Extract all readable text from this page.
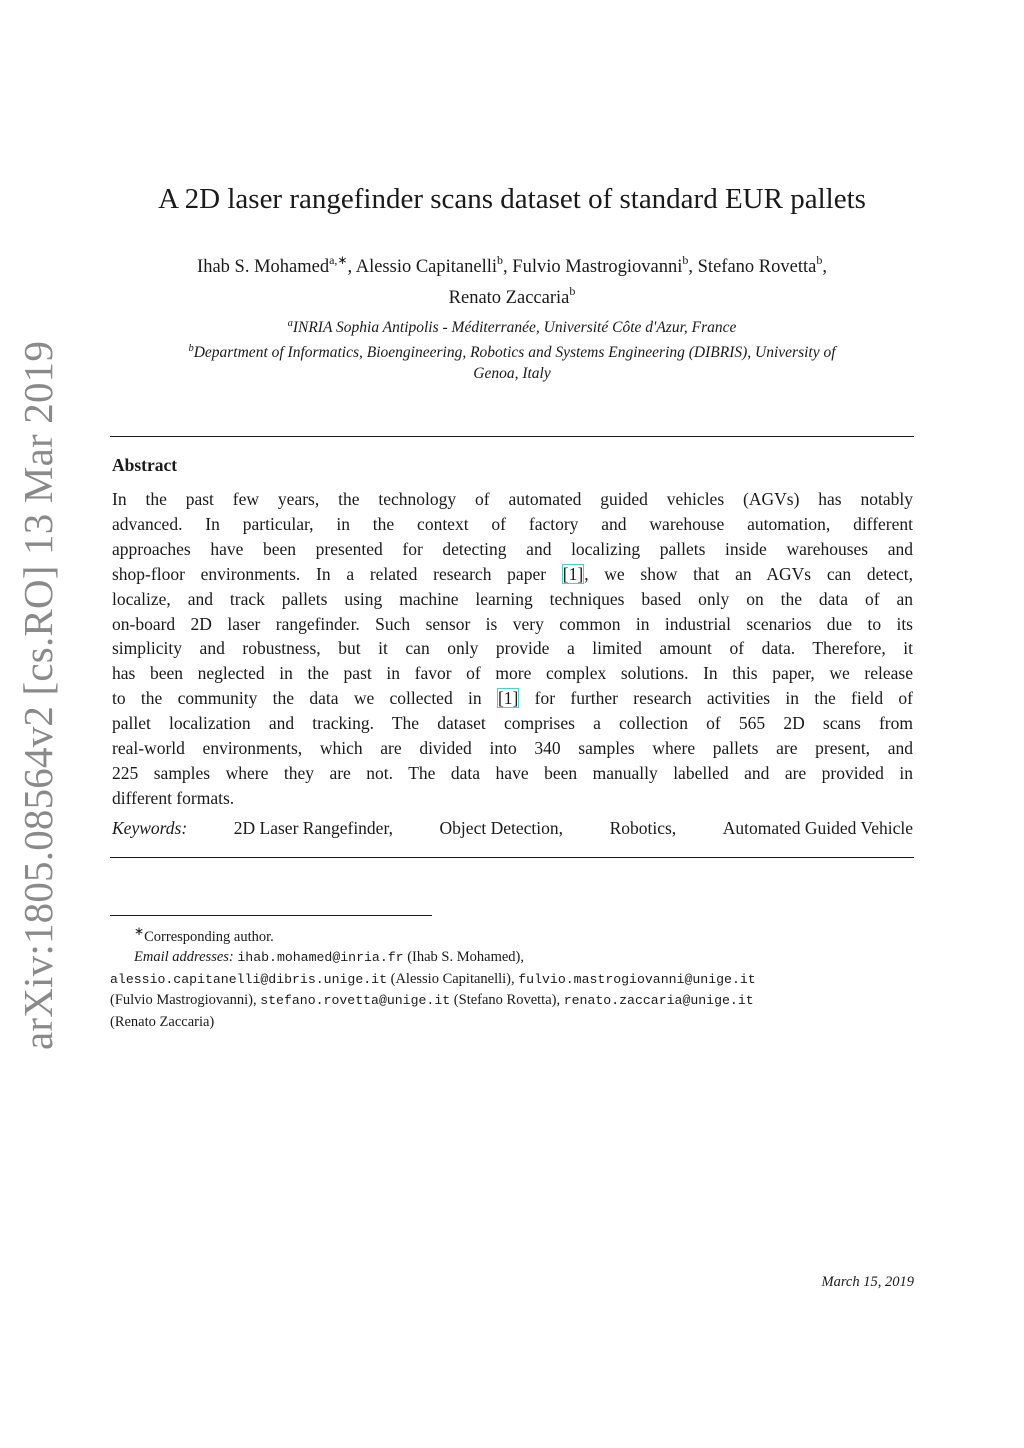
arXiv:1805.08564v2 [cs.RO] 13 Mar 2019
A 2D laser rangefinder scans dataset of standard EUR pallets
Ihab S. Mohamed$^{a,∗}$, Alessio Capitanelli$^b$, Fulvio Mastrogiovanni$^b$, Stefano Rovetta$^b$,
Renato Zaccaria$^b$
$^a$INRIA Sophia Antipolis - Méditerranée, Université Côte d'Azur, France
$^b$Department of Informatics, Bioengineering, Robotics and Systems Engineering (DIBRIS), University of
Genoa, Italy
Abstract
In the past few years, the technology of automated guided vehicles (AGVs) has notably
advanced. In particular, in the context of factory and warehouse automation, different
approaches have been presented for detecting and localizing pallets inside warehouses and
shop-floor environments. In a related research paper [1], we show that an AGVs can detect,
localize, and track pallets using machine learning techniques based only on the data of an
on-board 2D laser rangefinder. Such sensor is very common in industrial scenarios due to its
simplicity and robustness, but it can only provide a limited amount of data. Therefore, it
has been neglected in the past in favor of more complex solutions. In this paper, we release
to the community the data we collected in [1] for further research activities in the field of
pallet localization and tracking. The dataset comprises a collection of 565 2D scans from
real-world environments, which are divided into 340 samples where pallets are present, and
225 samples where they are not. The data have been manually labelled and are provided in
different formats.
Keywords:	2D Laser Rangefinder,	Object Detection,	Robotics,	Automated Guided Vehicle
∗Corresponding author.
Email addresses: ihab.mohamed@inria.fr (Ihab S. Mohamed),
alessio.capitanelli@dibris.unige.it (Alessio Capitanelli), fulvio.mastrogiovanni@unige.it
(Fulvio Mastrogiovanni), stefano.rovetta@unige.it (Stefano Rovetta), renato.zaccaria@unige.it
(Renato Zaccaria)
March 15, 2019
